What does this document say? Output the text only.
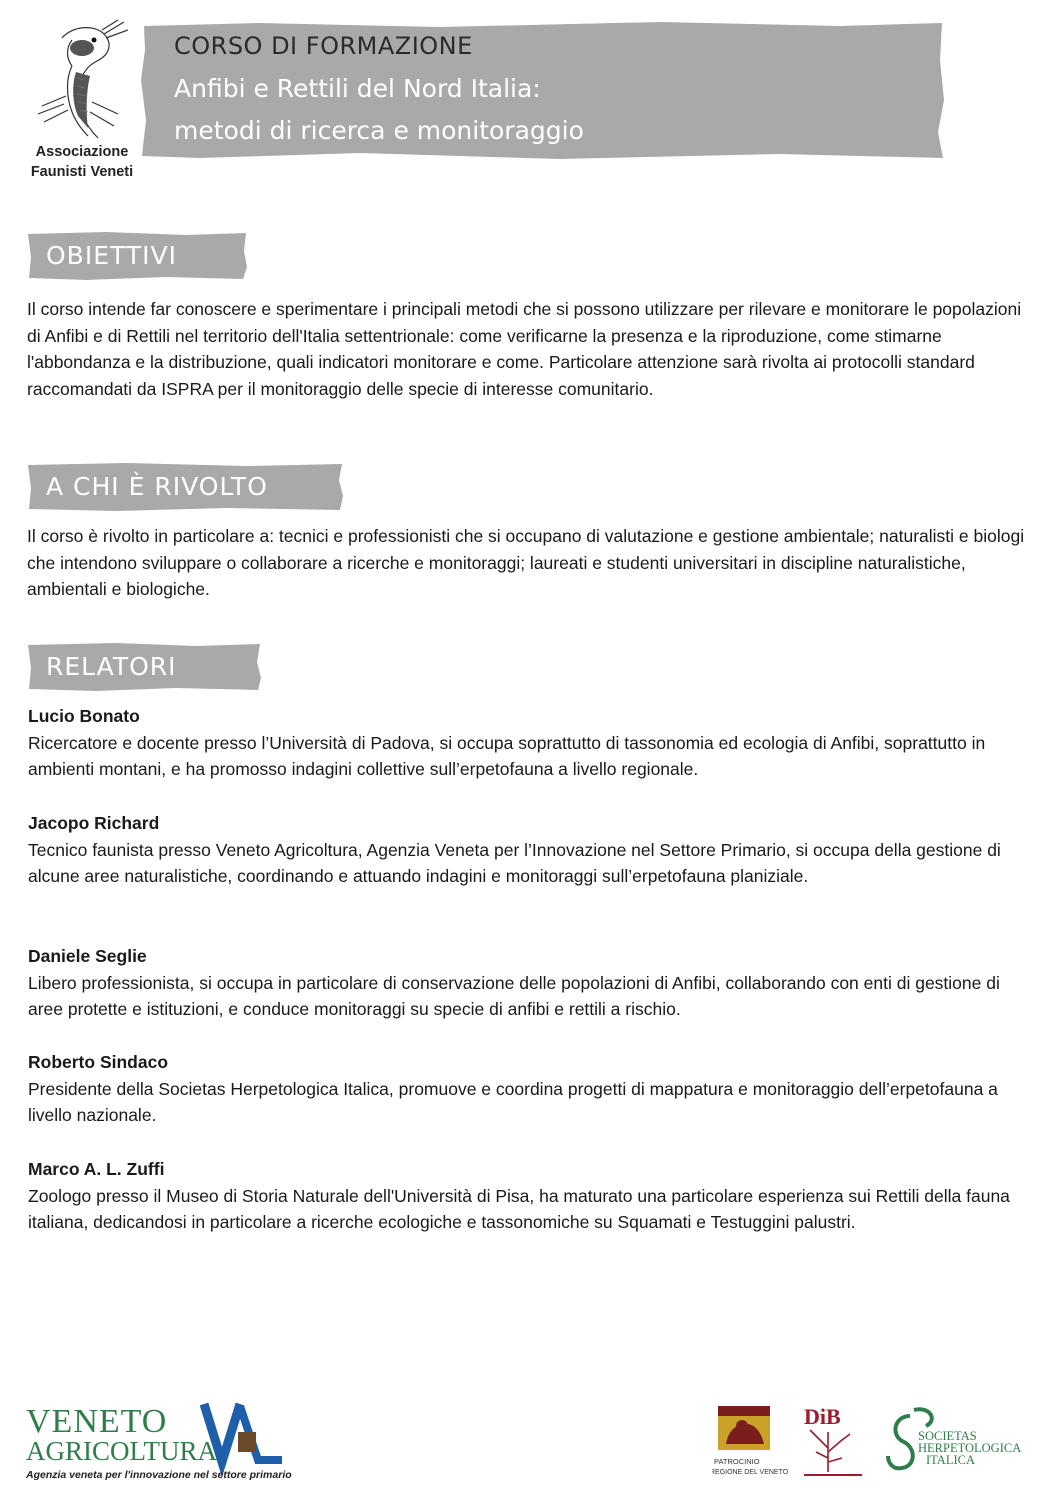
Associazione
Faunisti Veneti
CORSO DI FORMAZIONE
Anfibi e Rettili del Nord Italia:
metodi di ricerca e monitoraggio
OBIETTIVI
Il corso intende far conoscere e sperimentare i principali metodi che si possono utilizzare per rilevare e monitorare le popolazioni di Anfibi e di Rettili nel territorio dell'Italia settentrionale: come verificarne la presenza e la riproduzione, come stimarne l'abbondanza e la distribuzione, quali indicatori monitorare e come. Particolare attenzione sarà rivolta ai protocolli standard raccomandati da ISPRA per il monitoraggio delle specie di interesse comunitario.
A CHI È RIVOLTO
Il corso è rivolto in particolare a: tecnici e professionisti che si occupano di valutazione e gestione ambientale; naturalisti e biologi che intendono sviluppare o collaborare a ricerche e monitoraggi; laureati e studenti universitari in discipline naturalistiche, ambientali e biologiche.
RELATORI
Lucio Bonato
Ricercatore e docente presso l’Università di Padova, si occupa soprattutto di tassonomia ed ecologia di Anfibi, soprattutto in ambienti montani, e ha promosso indagini collettive sull’erpetofauna a livello regionale.
Jacopo Richard
Tecnico faunista presso Veneto Agricoltura, Agenzia Veneta per l’Innovazione nel Settore Primario, si occupa della gestione di alcune aree naturalistiche, coordinando e attuando indagini e monitoraggi sull’erpetofauna planiziale.
Daniele Seglie
Libero professionista, si occupa in particolare di conservazione delle popolazioni di Anfibi, collaborando con enti di gestione di aree protette e istituzioni, e conduce monitoraggi su specie di anfibi e rettili a rischio.
Roberto Sindaco
Presidente della Societas Herpetologica Italica, promuove e coordina progetti di mappatura e monitoraggio dell’erpetofauna a livello nazionale.
Marco A. L. Zuffi
Zoologo presso il Museo di Storia Naturale dell'Università di Pisa, ha maturato una particolare esperienza sui Rettili della fauna italiana, dedicandosi in particolare a ricerche ecologiche e tassonomiche su Squamati e Testuggini palustri.
VENETO
AGRICOLTURA
Agenzia veneta per l'innovazione nel settore primario
PATROCINIO
REGIONE DEL VENETO
DiB
SOCIETAS
HERPETOLOGICA
ITALICA
